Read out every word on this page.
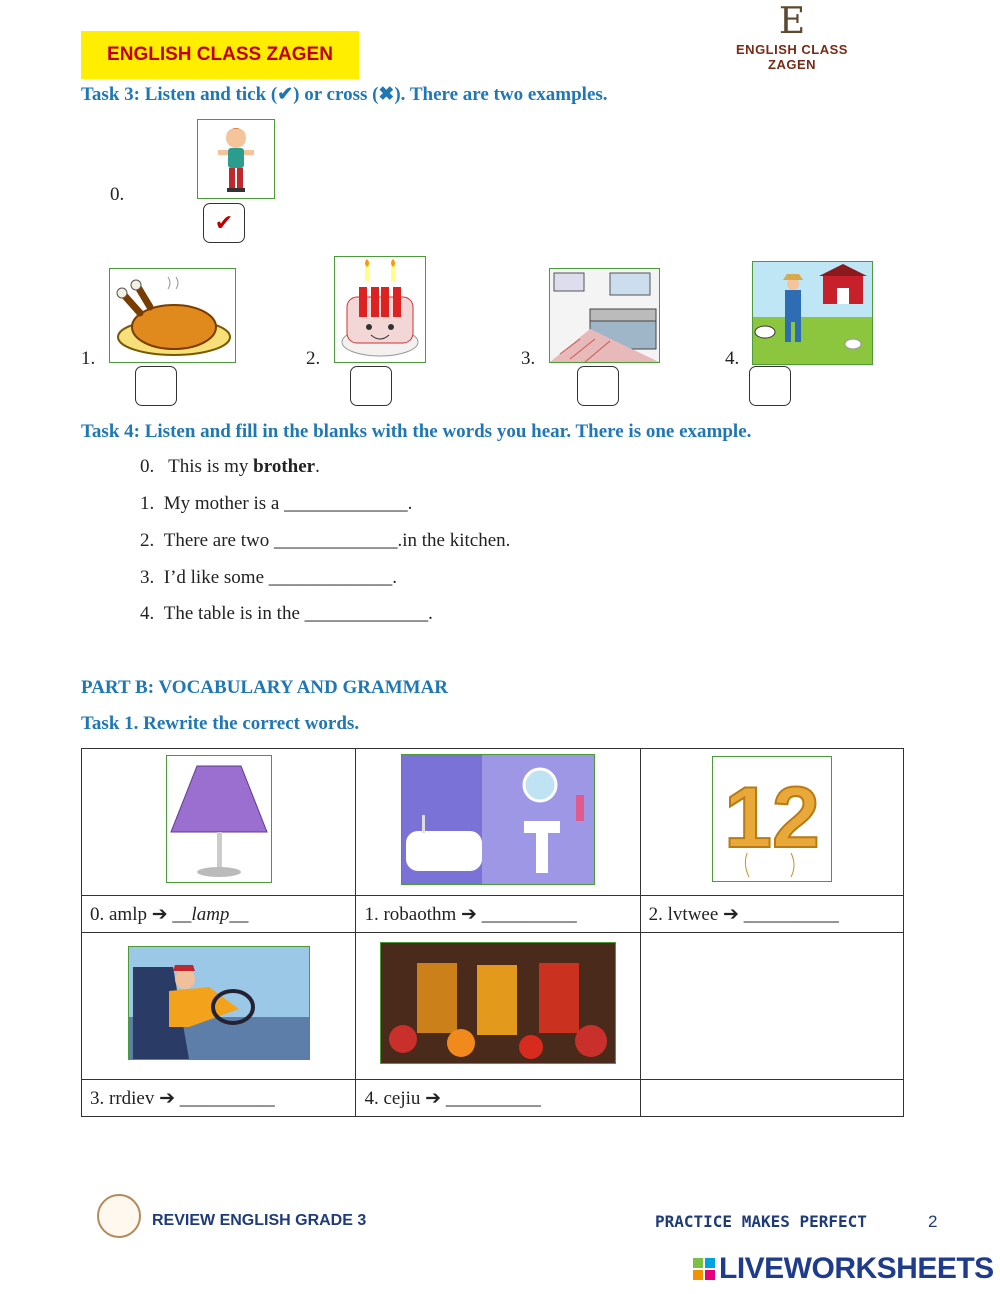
ENGLISH CLASS ZAGEN
E
ENGLISH CLASS ZAGEN
Task 3: Listen and tick (✔) or cross (✖). There are two examples.
0.
✔
1.	2.	3.	4.
Task 4: Listen and fill in the blanks with the words you hear. There is one example.
0. This is my brother.
1. My mother is a _____________.
2. There are two _____________.in the kitchen.
3. I’d like some _____________.
4. The table is in the _____________.
PART B: VOCABULARY AND GRAMMAR
Task 1. Rewrite the correct words.

12

0. amlp ➔ __lamp__	1. robaothm ➔ __________	2. lvtwee ➔ __________

3. rrdiev ➔ __________	4. cejiu ➔ __________	
REVIEW ENGLISH GRADE 3	PRACTICE MAKES PERFECT	2
LIVEWORKSHEETS
